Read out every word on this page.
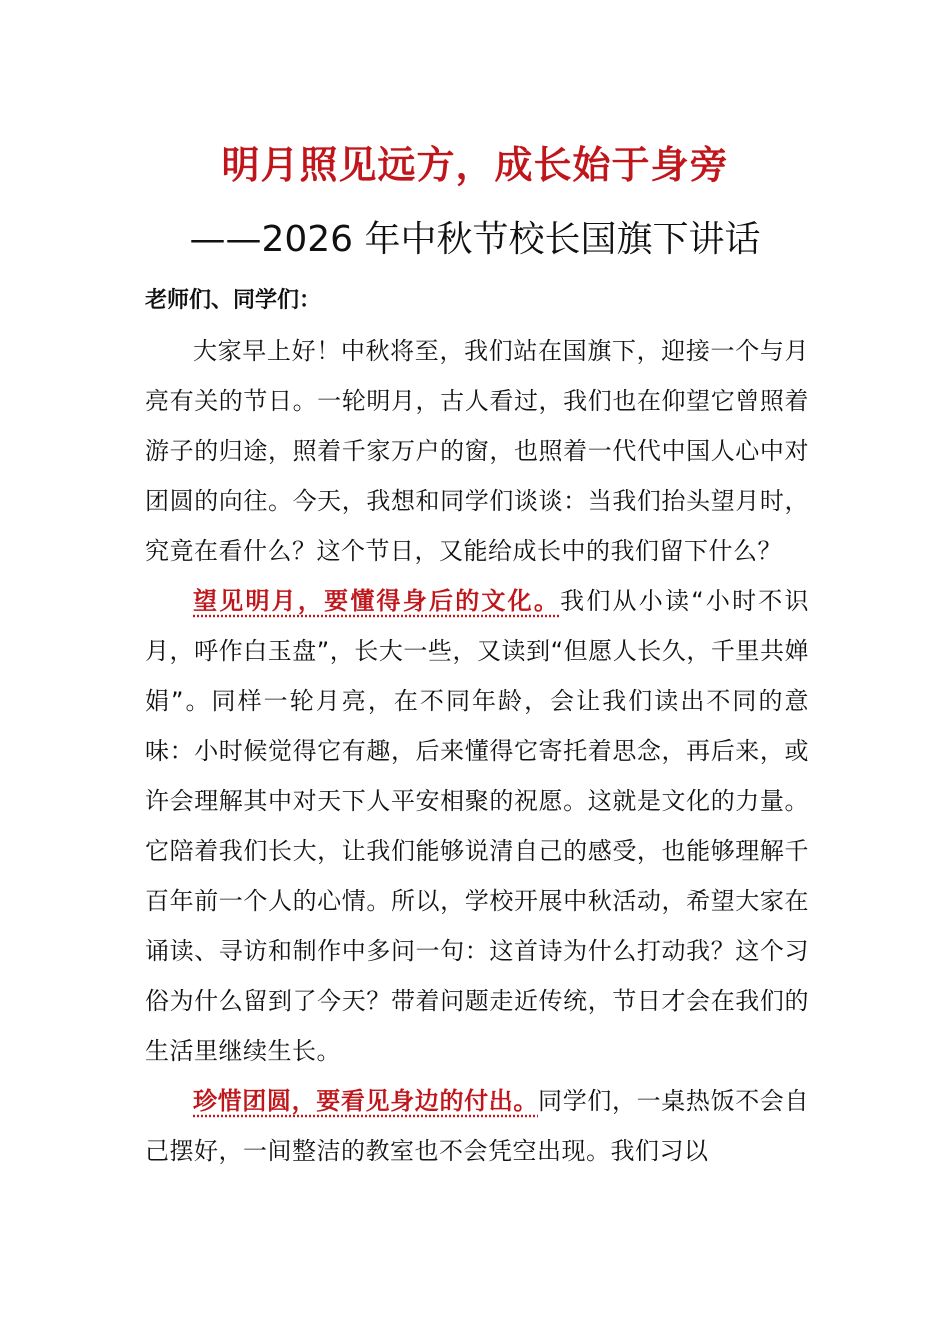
明月照见远方，成长始于身旁
——2026 年中秋节校长国旗下讲话

老师们、同学们：

大家早上好！中秋将至，我们站在国旗下，迎接一个与月亮有关的节日。一轮明月，古人看过，我们也在仰望它曾照着游子的归途，照着千家万户的窗，也照着一代代中国人心中对团圆的向往。今天，我想和同学们谈谈：当我们抬头望月时，究竟在看什么？这个节日，又能给成长中的我们留下什么？

望见明月，要懂得身后的文化。我们从小读“小时不识月，呼作白玉盘”，长大一些，又读到“但愿人长久，千里共婵娟”。同样一轮月亮，在不同年龄，会让我们读出不同的意味：小时候觉得它有趣，后来懂得它寄托着思念，再后来，或许会理解其中对天下人平安相聚的祝愿。这就是文化的力量。它陪着我们长大，让我们能够说清自己的感受，也能够理解千百年前一个人的心情。所以，学校开展中秋活动，希望大家在诵读、寻访和制作中多问一句：这首诗为什么打动我？这个习俗为什么留到了今天？带着问题走近传统，节日才会在我们的生活里继续生长。

珍惜团圆，要看见身边的付出。同学们，一桌热饭不会自己摆好，一间整洁的教室也不会凭空出现。我们习以
